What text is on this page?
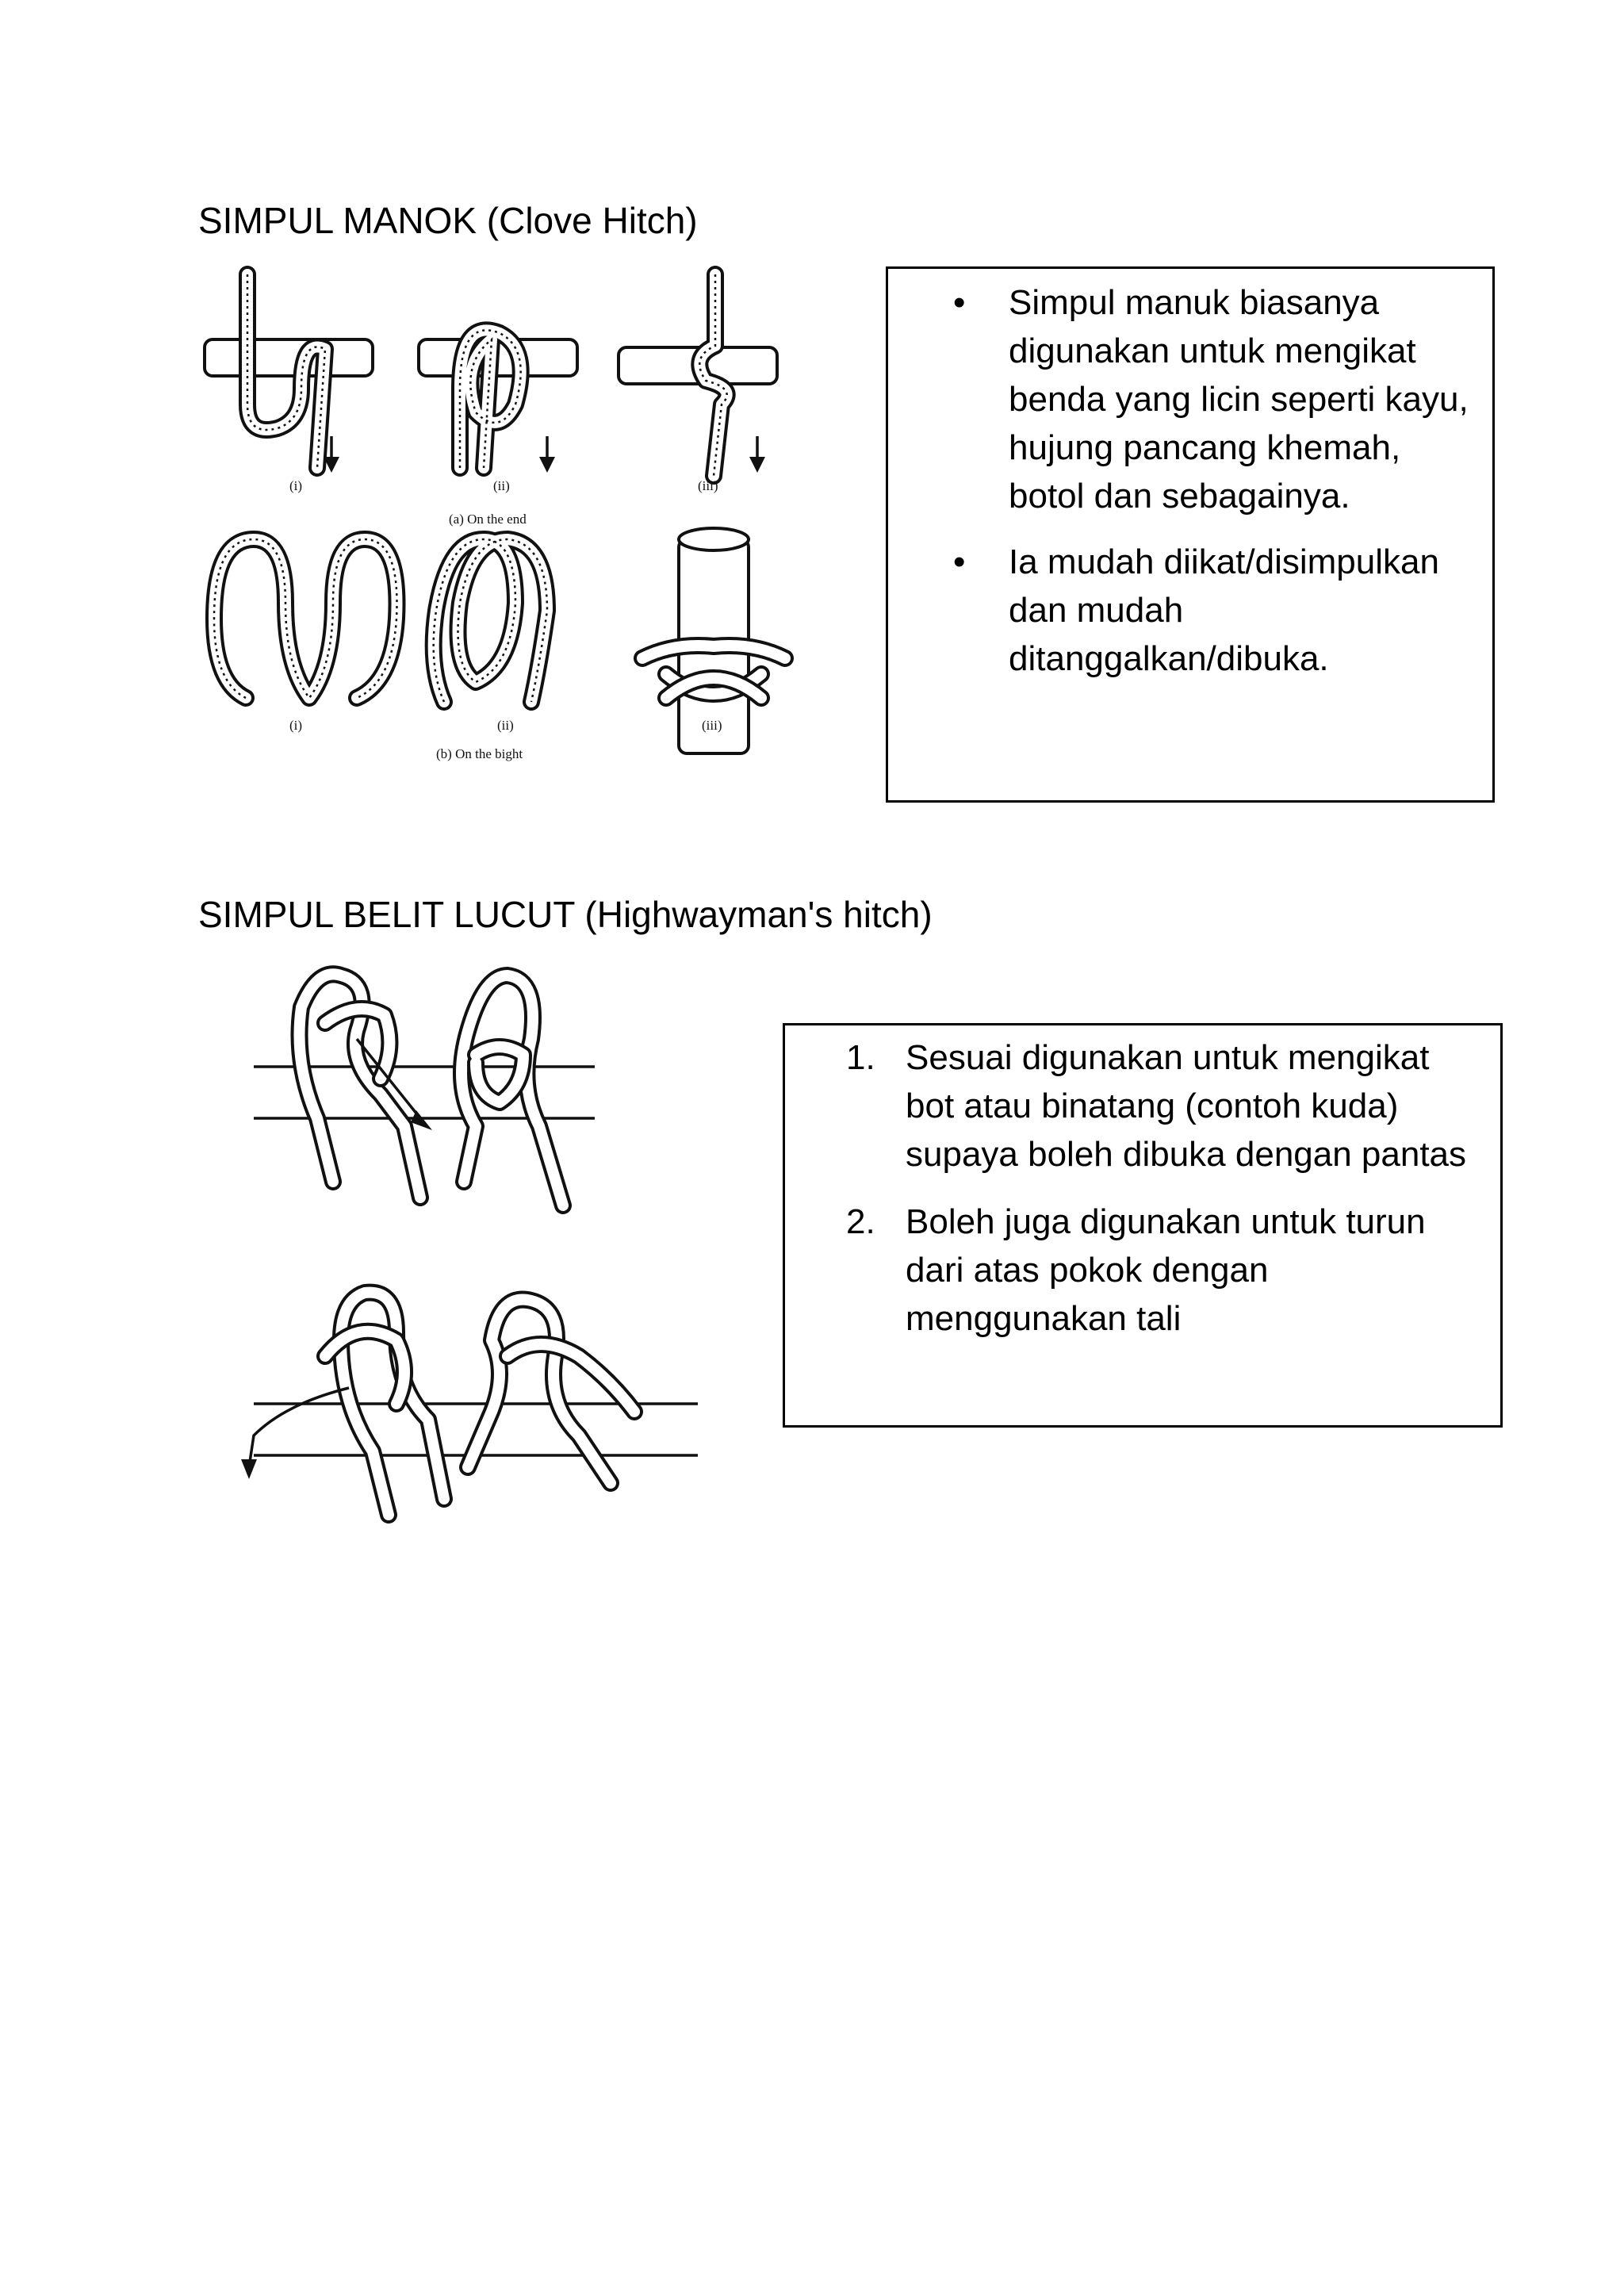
SIMPUL MANOK (Clove Hitch)
(i)	(ii)	(iii)
(a) On the end
(i)	(ii)	(iii)
(b) On the bight
• Simpul manuk biasanya digunakan untuk mengikat benda yang licin seperti kayu, hujung pancang khemah, botol dan sebagainya.
• Ia mudah diikat/disimpulkan dan mudah ditanggalkan/dibuka.
SIMPUL BELIT LUCUT (Highwayman's hitch)
1. Sesuai digunakan untuk mengikat bot atau binatang (contoh kuda) supaya boleh dibuka dengan pantas
2. Boleh juga digunakan untuk turun dari atas pokok dengan menggunakan tali
